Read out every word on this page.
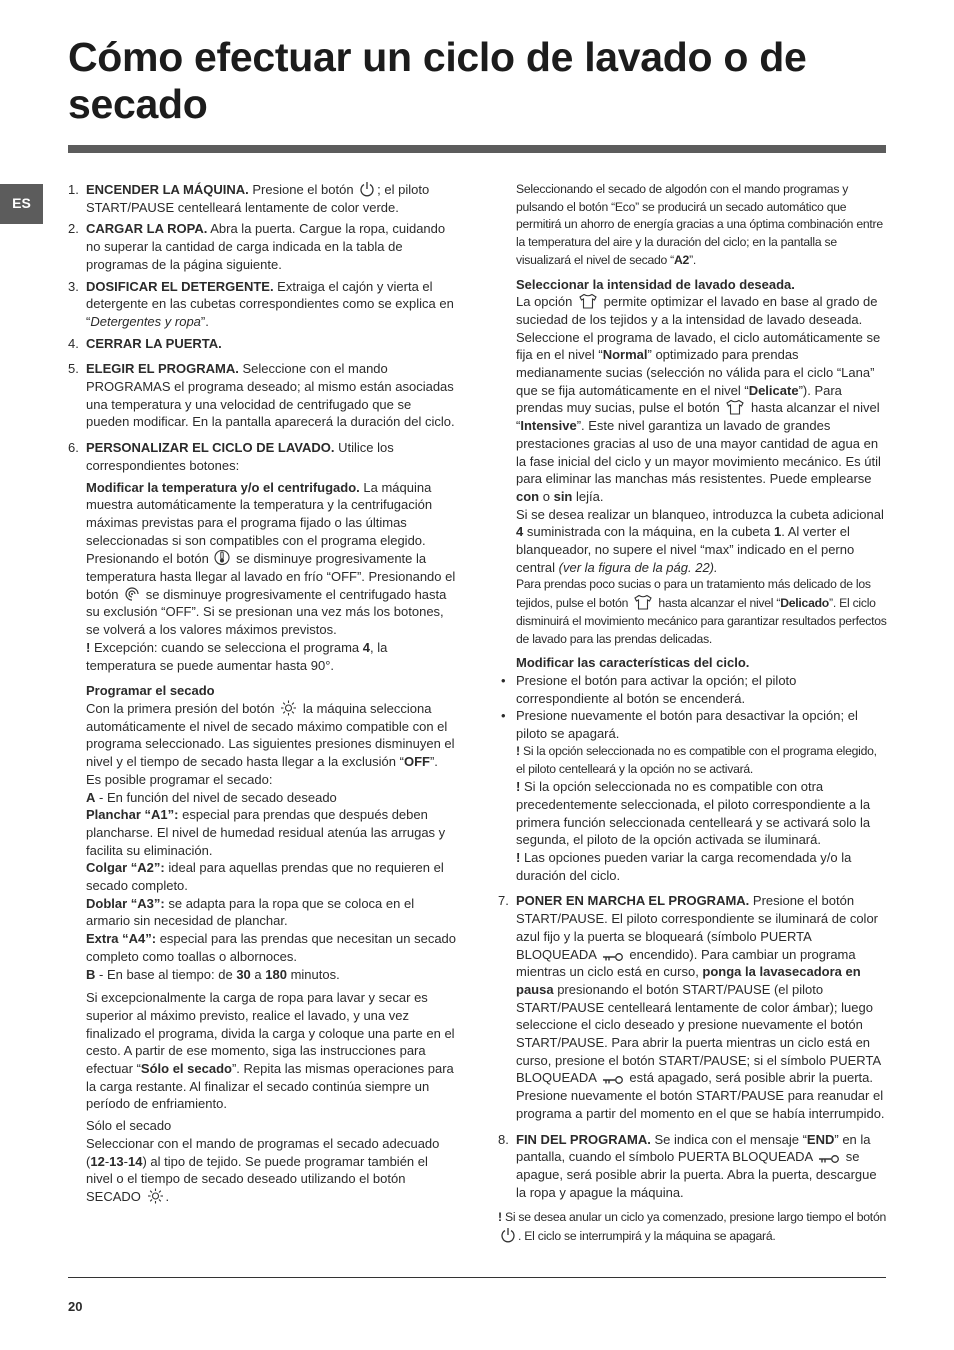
Cómo efectuar un ciclo de lavado o de secado
ES
1. ENCENDER LA MÁQUINA. Presione el botón
; el piloto START/PAUSE centelleará lentamente de color verde.
2. CARGAR LA ROPA. Abra la puerta. Cargue la ropa, cuidando no superar la cantidad de carga indicada en la tabla de programas de la página siguiente.
3. DOSIFICAR EL DETERGENTE. Extraiga el cajón y vierta el detergente en las cubetas correspondientes como se explica en “Detergentes y ropa”.
4. CERRAR LA PUERTA.
5. ELEGIR EL PROGRAMA. Seleccione con el mando PROGRAMAS el programa deseado; al mismo están asociadas una temperatura y una velocidad de centrifugado que se pueden modificar. En la pantalla aparecerá la duración del ciclo.
6. PERSONALIZAR EL CICLO DE LAVADO. Utilice los correspondientes botones:

Modificar la temperatura y/o el centrifugado. La máquina muestra automáticamente la temperatura y la centrifugación máximas previstas para el programa fijado o las últimas seleccionadas si son compatibles con el programa elegido. Presionando el botón
se disminuye progresivamente la temperatura hasta llegar al lavado en frío “OFF”. Presionando el botón
se disminuye progresivamente el centrifugado hasta su exclusión “OFF”. Si se presionan una vez más los botones, se volverá a los valores máximos previstos.

! Excepción: cuando se selecciona el programa 4, la temperatura se puede aumentar hasta 90°.

Programar el secado

Con la primera presión del botón
la máquina selecciona automáticamente el nivel de secado máximo compatible con el programa seleccionado. Las siguientes presiones disminuyen el nivel y el tiempo de secado hasta llegar a la exclusión “OFF”.

Es posible programar el secado:

A - En función del nivel de secado deseado

Planchar “A1”: especial para prendas que después deben plancharse. El nivel de humedad residual atenúa las arrugas y facilita su eliminación.

Colgar “A2”: ideal para aquellas prendas que no requieren el secado completo.

Doblar “A3”: se adapta para la ropa que se coloca en el armario sin necesidad de planchar.

Extra “A4”: especial para las prendas que necesitan un secado completo como toallas o albornoces.

B - En base al tiempo: de 30 a 180 minutos.

Si excepcionalmente la carga de ropa para lavar y secar es superior al máximo previsto, realice el lavado, y una vez finalizado el programa, divida la carga y coloque una parte en el cesto. A partir de ese momento, siga las instrucciones para efectuar “Sólo el secado”. Repita las mismas operaciones para la carga restante. Al finalizar el secado continúa siempre un período de enfriamiento.

Sólo el secado

Seleccionar con el mando de programas el secado adecuado (12-13-14) al tipo de tejido. Se puede programar también el nivel o el tiempo de secado deseado utilizando el botón SECADO
.

Seleccionando el secado de algodón con el mando programas y pulsando el botón “Eco” se producirá un secado automático que permitirá un ahorro de energía gracias a una óptima combinación entre la temperatura del aire y la duración del ciclo; en la pantalla se visualizará el nivel de secado “A2”.

Seleccionar la intensidad de lavado deseada.

La opción
permite optimizar el lavado en base al grado de suciedad de los tejidos y a la intensidad de lavado deseada. Seleccione el programa de lavado, el ciclo automáticamente se fija en el nivel “Normal” optimizado para prendas medianamente sucias (selección no válida para el ciclo “Lana” que se fija automáticamente en el nivel “Delicate”). Para prendas muy sucias, pulse el botón
hasta alcanzar el nivel “Intensive”. Este nivel garantiza un lavado de grandes prestaciones gracias al uso de una mayor cantidad de agua en la fase inicial del ciclo y un mayor movimiento mecánico. Es útil para eliminar las manchas más resistentes. Puede emplearse con o sin lejía.

Si se desea realizar un blanqueo, introduzca la cubeta adicional 4 suministrada con la máquina, en la cubeta 1. Al verter el blanqueador, no supere el nivel “max” indicado en el perno central (ver la figura de la pág. 22).

Para prendas poco sucias o para un tratamiento más delicado de los tejidos, pulse el botón
hasta alcanzar el nivel “Delicado”. El ciclo disminuirá el movimiento mecánico para garantizar resultados perfectos de lavado para las prendas delicadas.

Modificar las características del ciclo.

• Presione el botón para activar la opción; el piloto correspondiente al botón se encenderá.
• Presione nuevamente el botón para desactivar la opción; el piloto se apagará.

! Si la opción seleccionada no es compatible con el programa elegido, el piloto centelleará y la opción no se activará.

! Si la opción seleccionada no es compatible con otra precedentemente seleccionada, el piloto correspondiente a la primera función seleccionada centelleará y se activará solo la segunda, el piloto de la opción activada se iluminará.

! Las opciones pueden variar la carga recomendada y/o la duración del ciclo.

7. PONER EN MARCHA EL PROGRAMA. Presione el botón START/PAUSE. El piloto correspondiente se iluminará de color azul fijo y la puerta se bloqueará (símbolo PUERTA BLOQUEADA
encendido). Para cambiar un programa mientras un ciclo está en curso, ponga la lavasecadora en pausa presionando el botón START/PAUSE (el piloto START/PAUSE centelleará lentamente de color ámbar); luego seleccione el ciclo deseado y presione nuevamente el botón START/PAUSE. Para abrir la puerta mientras un ciclo está en curso, presione el botón START/PAUSE; si el símbolo PUERTA BLOQUEADA
está apagado, será posible abrir la puerta. Presione nuevamente el botón START/PAUSE para reanudar el programa a partir del momento en el que se había interrumpido.
8. FIN DEL PROGRAMA. Se indica con el mensaje “END” en la pantalla, cuando el símbolo PUERTA BLOQUEADA
se apague, será posible abrir la puerta. Abra la puerta, descargue la ropa y apague la máquina.

! Si se desea anular un ciclo ya comenzado, presione largo tiempo el botón
. El ciclo se interrumpirá y la máquina se apagará.

20
